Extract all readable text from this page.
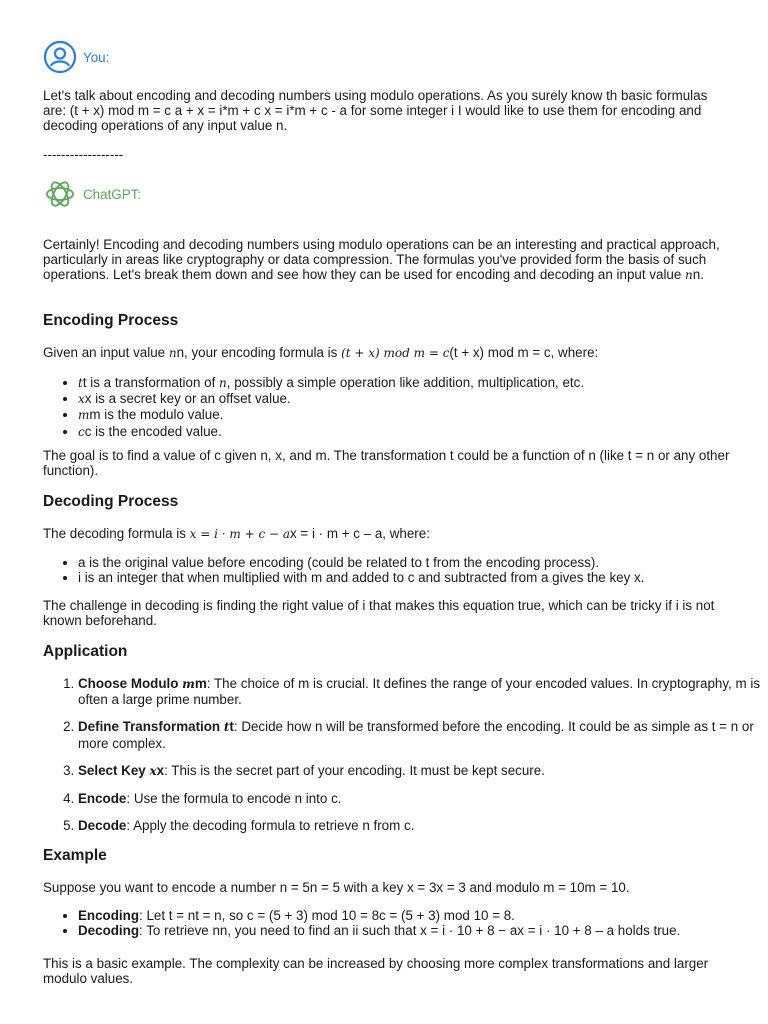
You:

Let's talk about encoding and decoding numbers using modulo operations. As you surely know th basic formulas are: (t + x) mod m = c a + x = i*m + c x = i*m + c - a for some integer i I would like to use them for encoding and decoding operations of any input value n.

------------------

ChatGPT:

Certainly! Encoding and decoding numbers using modulo operations can be an interesting and practical approach, particularly in areas like cryptography or data compression. The formulas you've provided form the basis of such operations. Let's break them down and see how they can be used for encoding and decoding an input value nn.

Encoding Process

Given an input value nn, your encoding formula is (t + x) mod m = c(t + x) mod m = c, where:

• tt is a transformation of n, possibly a simple operation like addition, multiplication, etc.
• xx is a secret key or an offset value.
• mm is the modulo value.
• cc is the encoded value.

The goal is to find a value of c given n, x, and m. The transformation t could be a function of n (like t = n or any other function).

Decoding Process

The decoding formula is x = i · m + c − ax = i · m + c – a, where:

• a is the original value before encoding (could be related to t from the encoding process).
• i is an integer that when multiplied with m and added to c and subtracted from a gives the key x.

The challenge in decoding is finding the right value of i that makes this equation true, which can be tricky if i is not known beforehand.

Application
1. Choose Modulo mm: The choice of m is crucial. It defines the range of your encoded values. In cryptography, m is often a large prime number.
2. Define Transformation tt: Decide how n will be transformed before the encoding. It could be as simple as t = n or more complex.
3. Select Key xx: This is the secret part of your encoding. It must be kept secure.
4. Encode: Use the formula to encode n into c.
5. Decode: Apply the decoding formula to retrieve n from c.
Example

Suppose you want to encode a number n = 5n = 5 with a key x = 3x = 3 and modulo m = 10m = 10.

• Encoding: Let t = nt = n, so c = (5 + 3) mod 10 = 8c = (5 + 3) mod 10 = 8.
• Decoding: To retrieve nn, you need to find an ii such that x = i · 10 + 8 − ax = i · 10 + 8 – a holds true.

This is a basic example. The complexity can be increased by choosing more complex transformations and larger modulo values.
